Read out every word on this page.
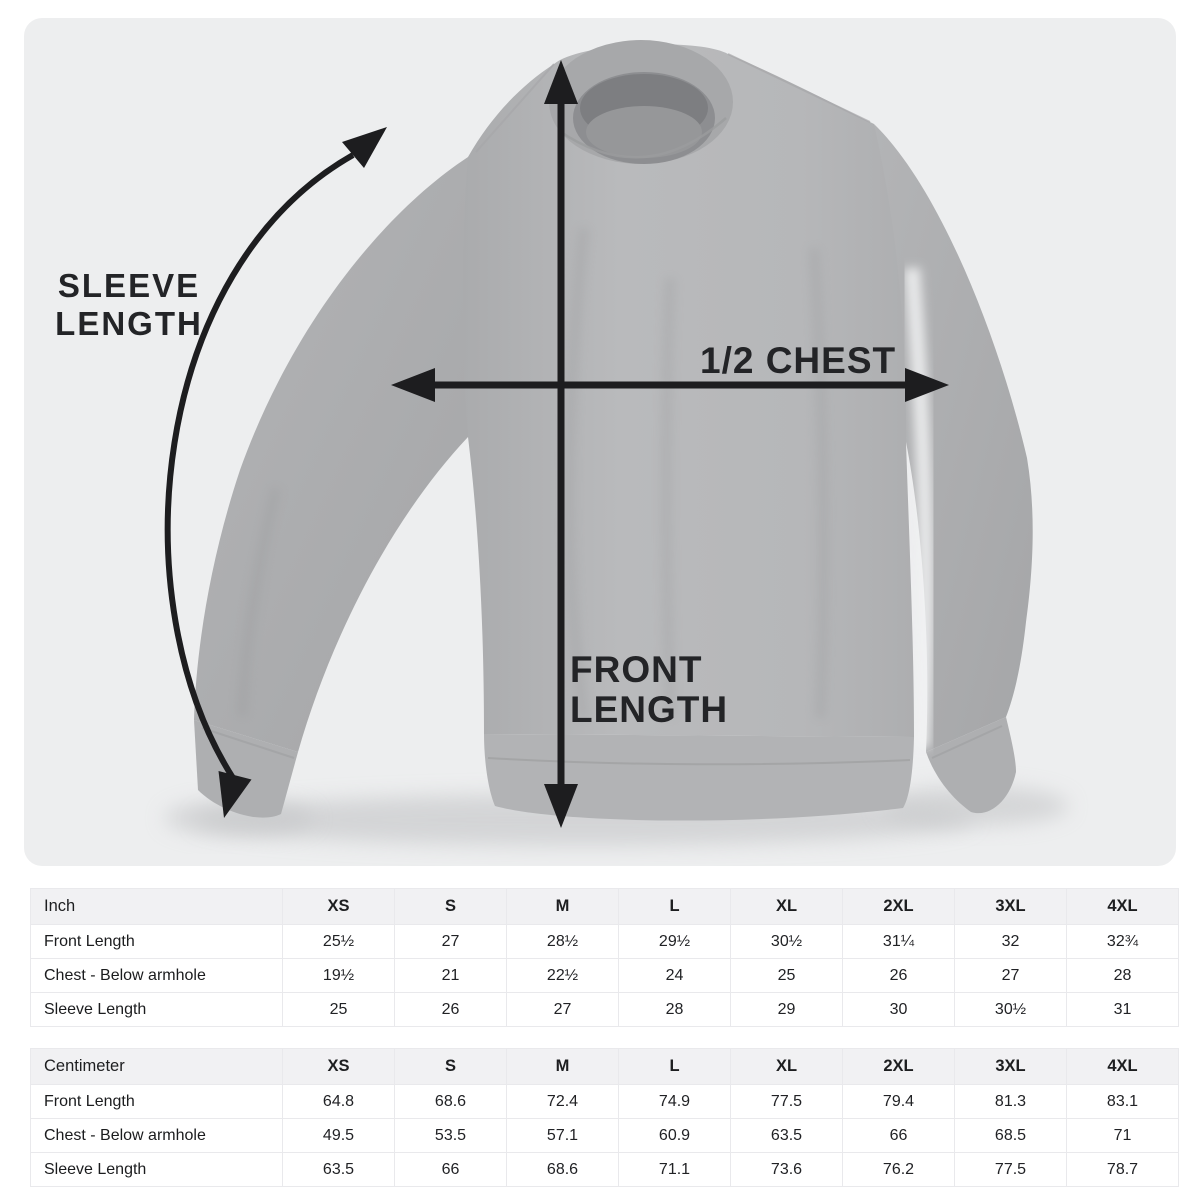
SLEEVE
LENGTH
1/2 CHEST
FRONT
LENGTH
Inch	XS	S	M	L	XL	2XL	3XL	4XL
Front Length	25½	27	28½	29½	30½	31¼	32	32¾
Chest - Below armhole	19½	21	22½	24	25	26	27	28
Sleeve Length	25	26	27	28	29	30	30½	31
Centimeter	XS	S	M	L	XL	2XL	3XL	4XL
Front Length	64.8	68.6	72.4	74.9	77.5	79.4	81.3	83.1
Chest - Below armhole	49.5	53.5	57.1	60.9	63.5	66	68.5	71
Sleeve Length	63.5	66	68.6	71.1	73.6	76.2	77.5	78.7
